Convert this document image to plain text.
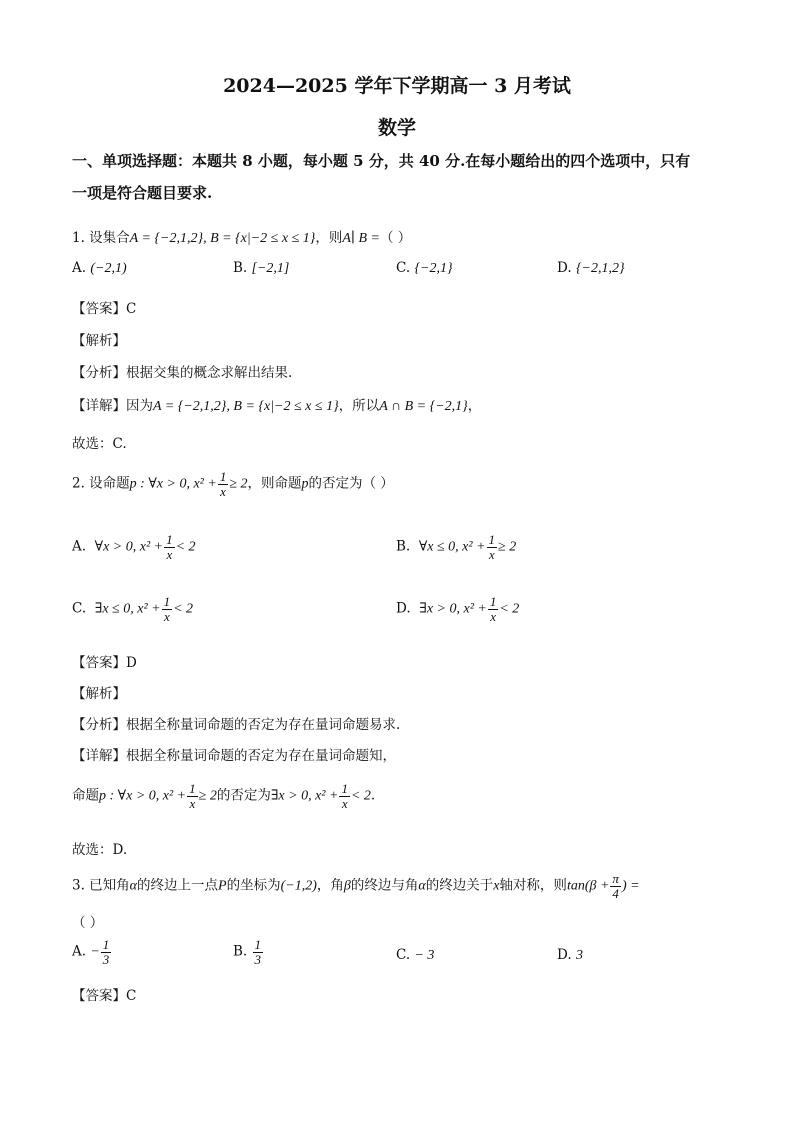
2024—2025 学年下学期高一 3 月考试
数学
一、单项选择题：本题共 8 小题，每小题 5 分，共 40 分.在每小题给出的四个选项中，只有
一项是符合题目要求.
1. 设集合A = {−2,1,2}, B = {x|−2 ≤ x ≤ 1}，则A∣ B =（ ）
A. (−2,1)	B. [−2,1]	C. {−2,1}	D. {−2,1,2}
【答案】C
【解析】
【分析】根据交集的概念求解出结果.
【详解】因为A = {−2,1,2}, B = {x|−2 ≤ x ≤ 1}，所以A ∩ B = {−2,1}，
故选：C.
2. 设命题p : ∀x > 0, $x^2 + \frac{1}{x} \ge 2$，则命题p的否定为（ ）
A. ∀x > 0, $x^2 + \frac{1}{x} < 2$	B. ∀x ≤ 0, $x^2 + \frac{1}{x} \ge 2$
C. ∃x ≤ 0, $x^2 + \frac{1}{x} < 2$	D. ∃x > 0, $x^2 + \frac{1}{x} < 2$
【答案】D
【解析】
【分析】根据全称量词命题的否定为存在量词命题易求.
【详解】根据全称量词命题的否定为存在量词命题知，
命题p : ∀x > 0, $x^2 + \frac{1}{x} \ge 2$的否定为∃x > 0, $x^2 + \frac{1}{x} < 2$.
故选：D.
3. 已知角α的终边上一点P的坐标为(−1,2)，角β的终边与角α的终边关于x轴对称，则$\tan(\beta + \frac{\pi}{4}$ ) =
（ ）
A. − $\frac{1}{3}$	B. $\frac{1}{3}$	C. − 3	D. 3
【答案】C
